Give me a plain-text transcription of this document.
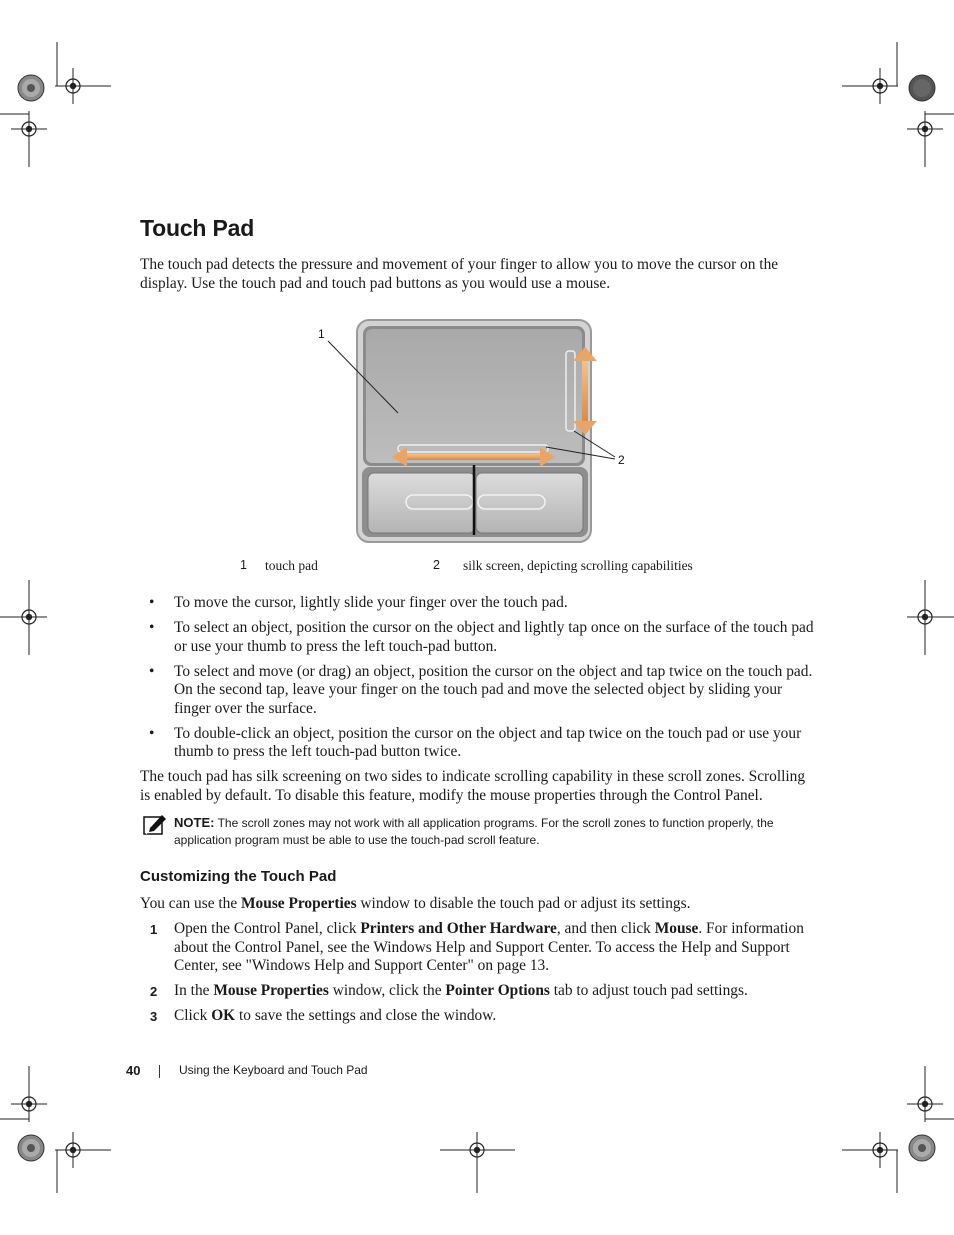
Touch Pad

The touch pad detects the pressure and movement of your finger to allow you to move the cursor on the display. Use the touch pad and touch pad buttons as you would use a mouse.

1
2
1 touch pad	2 silk screen, depicting scrolling capabilities
• To move the cursor, lightly slide your finger over the touch pad.
• To select an object, position the cursor on the object and lightly tap once on the surface of the touch pad or use your thumb to press the left touch-pad button.
• To select and move (or drag) an object, position the cursor on the object and tap twice on the touch pad. On the second tap, leave your finger on the touch pad and move the selected object by sliding your finger over the surface.
• To double-click an object, position the cursor on the object and tap twice on the touch pad or use your thumb to press the left touch-pad button twice.

The touch pad has silk screening on two sides to indicate scrolling capability in these scroll zones. Scrolling is enabled by default. To disable this feature, modify the mouse properties through the Control Panel.

NOTE: The scroll zones may not work with all application programs. For the scroll zones to function properly, the application program must be able to use the touch-pad scroll feature.
Customizing the Touch Pad

You can use the Mouse Properties window to disable the touch pad or adjust its settings.

1 Open the Control Panel, click Printers and Other Hardware, and then click Mouse. For information about the Control Panel, see the Windows Help and Support Center. To access the Help and Support Center, see "Windows Help and Support Center" on page 13.
2 In the Mouse Properties window, click the Pointer Options tab to adjust touch pad settings.
3 Click OK to save the settings and close the window.
40	Using the Keyboard and Touch Pad
